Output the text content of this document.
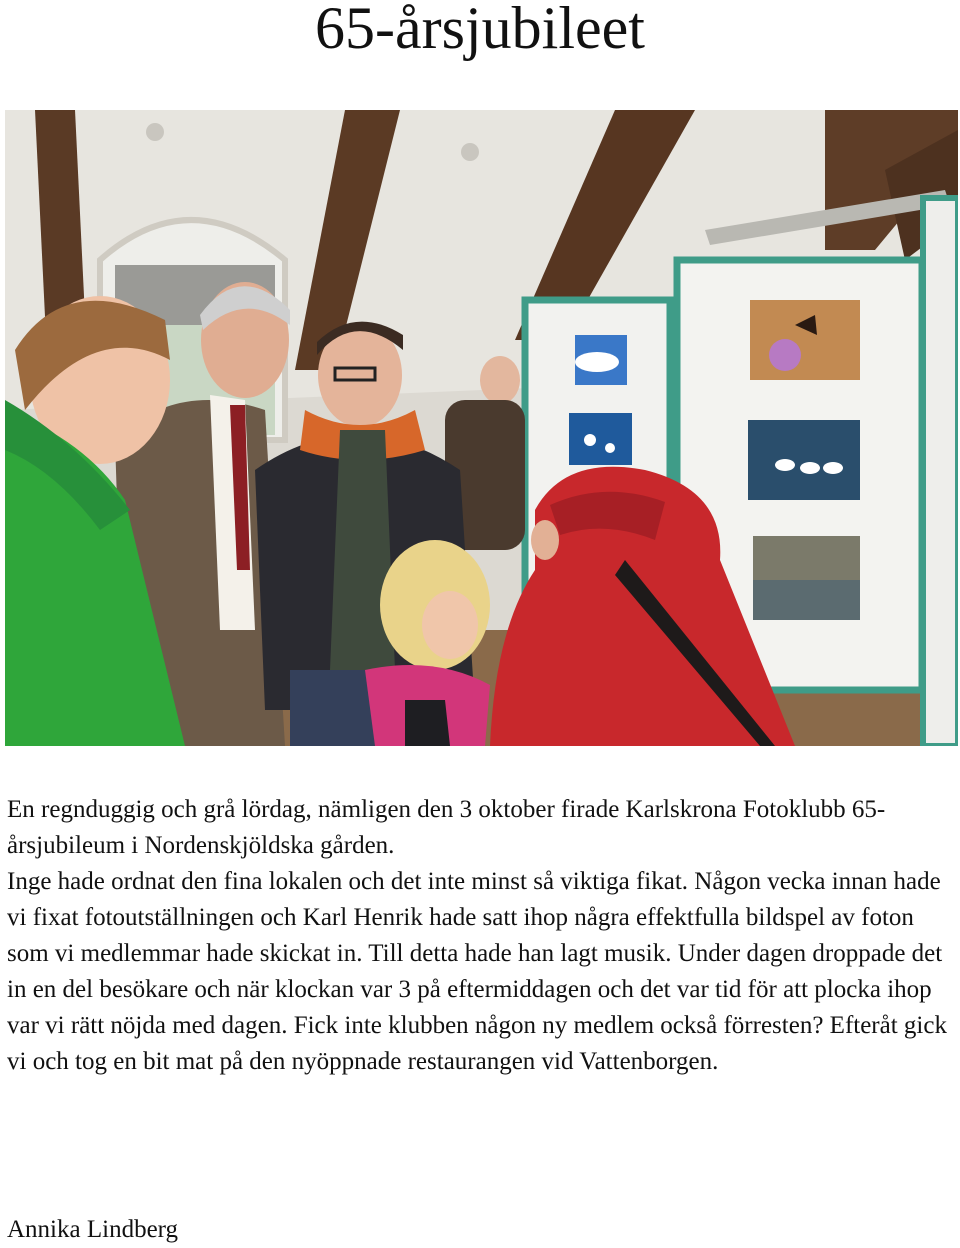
65-årsjubileet

En regnduggig och grå lördag, nämligen den 3 oktober firade Karlskrona Fotoklubb 65-årsjubileum i Nordenskjöldska gården.

Inge hade ordnat den fina lokalen och det inte minst så viktiga fikat. Någon vecka innan hade vi fixat fotoutställningen och Karl Henrik hade satt ihop några effektfulla bildspel av foton som vi medlemmar hade skickat in. Till detta hade han lagt musik. Under dagen droppade det in en del besökare och när klockan var 3 på eftermiddagen och det var tid för att plocka ihop var vi rätt nöjda med dagen. Fick inte klubben någon ny medlem också förresten? Efteråt gick vi och tog en bit mat på den nyöppnade restaurangen vid Vattenborgen.

Annika Lindberg
